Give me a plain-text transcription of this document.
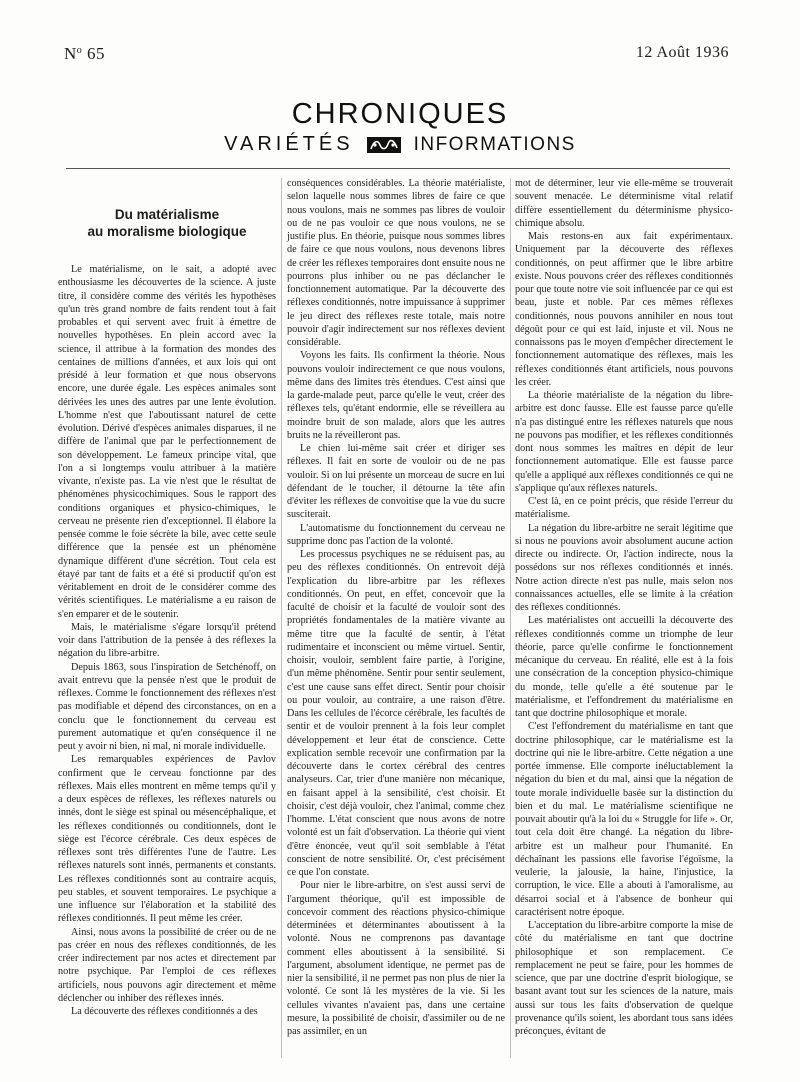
$N^o$ 65	12 Août 1936
CHRONIQUES
VARIÉTÉS	INFORMATIONS
Du matérialisme
au moralisme biologique

Le matérialisme, on le sait, a adopté avec enthousiasme les découvertes de la science. A juste titre, il considère comme des vérités les hypothèses qu'un très grand nombre de faits rendent tout à fait probables et qui servent avec fruit à émettre de nouvelles hypothèses. En plein accord avec la science, il attribue à la formation des mondes des centaines de millions d'années, et aux lois qui ont présidé à leur formation et que nous observons encore, une durée égale. Les espèces animales sont dérivées les unes des autres par une lente évolution. L'homme n'est que l'aboutissant naturel de cette évolution. Dérivé d'espèces animales disparues, il ne diffère de l'animal que par le perfectionnement de son développement. Le fameux principe vital, que l'on a si longtemps voulu attribuer à la matière vivante, n'existe pas. La vie n'est que le résultat de phénomènes physicochimiques. Sous le rapport des conditions organiques et physico-chimiques, le cerveau ne présente rien d'exceptionnel. Il élabore la pensée comme le foie sécrète la bile, avec cette seule différence que la pensée est un phénomène dynamique différent d'une sécrétion. Tout cela est étayé par tant de faits et a été si productif qu'on est véritablement en droit de le considérer comme des vérités scientifiques. Le matérialisme a eu raison de s'en emparer et de le soutenir.

Mais, le matérialisme s'égare lorsqu'il prétend voir dans l'attribution de la pensée à des réflexes la négation du libre-arbitre.

Depuis 1863, sous l'inspiration de Setchénoff, on avait entrevu que la pensée n'est que le produit de réflexes. Comme le fonctionnement des réflexes n'est pas modifiable et dépend des circonstances, on en a conclu que le fonctionnement du cerveau est purement automatique et qu'en conséquence il ne peut y avoir ni bien, ni mal, ni morale individuelle.

Les remarquables expériences de Pavlov confirment que le cerveau fonctionne par des réflexes. Mais elles montrent en même temps qu'il y a deux espèces de réflexes, les réflexes naturels ou innés, dont le siège est spinal ou mésencéphalique, et les réflexes conditionnés ou conditionnels, dont le siège est l'écorce cérébrale. Ces deux espèces de réflexes sont très différentes l'une de l'autre. Les réflexes naturels sont innés, permanents et constants. Les réflexes conditionnés sont au contraire acquis, peu stables, et souvent temporaires. Le psychique a une influence sur l'élaboration et la stabilité des réflexes conditionnés. Il peut même les créer.

Ainsi, nous avons la possibilité de créer ou de ne pas créer en nous des réflexes conditionnés, de les créer indirectement par nos actes et directement par notre psychique. Par l'emploi de ces réflexes artificiels, nous pouvons agir directement et même déclencher ou inhiber des réflexes innés.

La découverte des réflexes conditionnés a des

conséquences considérables. La théorie matérialiste, selon laquelle nous sommes libres de faire ce que nous voulons, mais ne sommes pas libres de vouloir ou de ne pas vouloir ce que nous voulons, ne se justifie plus. En théorie, puisque nous sommes libres de faire ce que nous voulons, nous devenons libres de créer les réflexes temporaires dont ensuite nous ne pourrons plus inhiber ou ne pas déclancher le fonctionnement automatique. Par la découverte des réflexes conditionnés, notre impuissance à supprimer le jeu direct des réflexes reste totale, mais notre pouvoir d'agir indirectement sur nos réflexes devient considérable.

Voyons les faits. Ils confirment la théorie. Nous pouvons vouloir indirectement ce que nous voulons, même dans des limites très étendues. C'est ainsi que la garde-malade peut, parce qu'elle le veut, créer des réflexes tels, qu'étant endormie, elle se réveillera au moindre bruit de son malade, alors que les autres bruits ne la réveilleront pas.

Le chien lui-même sait créer et diriger ses réflexes. Il fait en sorte de vouloir ou de ne pas vouloir. Si on lui présente un morceau de sucre en lui défendant de le toucher, il détourne la tête afin d'éviter les réflexes de convoitise que la vue du sucre susciterait.

L'automatisme du fonctionnement du cerveau ne supprime donc pas l'action de la volonté.

Les processus psychiques ne se réduisent pas, au peu des réflexes conditionnés. On entrevoit déjà l'explication du libre-arbitre par les réflexes conditionnés. On peut, en effet, concevoir que la faculté de choisir et la faculté de vouloir sont des propriétés fondamentales de la matière vivante au même titre que la faculté de sentir, à l'état rudimentaire et inconscient ou même virtuel. Sentir, choisir, vouloir, semblent faire partie, à l'origine, d'un même phénomène. Sentir pour sentir seulement, c'est une cause sans effet direct. Sentir pour choisir ou pour vouloir, au contraire, a une raison d'être. Dans les cellules de l'écorce cérébrale, les facultés de sentir et de vouloir prennent à la fois leur complet développement et leur état de conscience. Cette explication semble recevoir une confirmation par la découverte dans le cortex cérébral des centres analyseurs. Car, trier d'une manière non mécanique, en faisant appel à la sensibilité, c'est choisir. Et choisir, c'est déjà vouloir, chez l'animal, comme chez l'homme. L'état conscient que nous avons de notre volonté est un fait d'observation. La théorie qui vient d'être énoncée, veut qu'il soit semblable à l'état conscient de notre sensibilité. Or, c'est précisément ce que l'on constate.

Pour nier le libre-arbitre, on s'est aussi servi de l'argument théorique, qu'il est impossible de concevoir comment des réactions physico-chimique déterminées et déterminantes aboutissent à la volonté. Nous ne comprenons pas davantage comment elles aboutissent à la sensibilité. Si l'argument, absolument identique, ne permet pas de nier la sensibilité, il ne permet pas non plus de nier la volonté. Ce sont là les mystères de la vie. Si les cellules vivantes n'avaient pas, dans une certaine mesure, la possibilité de choisir, d'assimiler ou de ne pas assimiler, en un

mot de déterminer, leur vie elle-même se trouverait souvent menacée. Le déterminisme vital relatif diffère essentiellement du déterminisme physico-chimique absolu.

Mais restons-en aux fait expérimentaux. Uniquement par la découverte des réflexes conditionnés, on peut affirmer que le libre arbitre existe. Nous pouvons créer des réflexes conditionnés pour que toute notre vie soit influencée par ce qui est beau, juste et noble. Par ces mêmes réflexes conditionnés, nous pouvons annihiler en nous tout dégoût pour ce qui est laid, injuste et vil. Nous ne connaissons pas le moyen d'empêcher directement le fonctionnement automatique des réflexes, mais les réflexes conditionnés étant artificiels, nous pouvons les créer.

La théorie matérialiste de la négation du libre-arbitre est donc fausse. Elle est fausse parce qu'elle n'a pas distingué entre les réflexes naturels que nous ne pouvons pas modifier, et les réflexes conditionnés dont nous sommes les maîtres en dépit de leur fonctionnement automatique. Elle est fausse parce qu'elle a appliqué aux réflexes conditionnés ce qui ne s'applique qu'aux réflexes naturels.

C'est là, en ce point précis, que réside l'erreur du matérialisme.

La négation du libre-arbitre ne serait légitime que si nous ne pouvions avoir absolument aucune action directe ou indirecte. Or, l'action indirecte, nous la possédons sur nos réflexes conditionnés et innés. Notre action directe n'est pas nulle, mais selon nos connaissances actuelles, elle se limite à la création des réflexes conditionnés.

Les matérialistes ont accueilli la découverte des réflexes conditionnés comme un triomphe de leur théorie, parce qu'elle confirme le fonctionnement mécanique du cerveau. En réalité, elle est à la fois une consécration de la conception physico-chimique du monde, telle qu'elle a été soutenue par le matérialisme, et l'effondrement du matérialisme en tant que doctrine philosophique et morale.

C'est l'effondrement du matérialisme en tant que doctrine philosophique, car le matérialisme est la doctrine qui nie le libre-arbitre. Cette négation a une portée immense. Elle comporte inéluctablement la négation du bien et du mal, ainsi que la négation de toute morale individuelle basée sur la distinction du bien et du mal. Le matérialisme scientifique ne pouvait aboutir qu'à la loi du « Struggle for life ». Or, tout cela doit être changé. La négation du libre-arbitre est un malheur pour l'humanité. En déchaînant les passions elle favorise l'égoïsme, la veulerie, la jalousie, la haine, l'injustice, la corruption, le vice. Elle a abouti à l'amoralisme, au désarroi social et à l'absence de bonheur qui caractérisent notre époque.

L'acceptation du libre-arbitre comporte la mise de côté du matérialisme en tant que doctrine philosophique et son remplacement. Ce remplacement ne peut se faire, pour les hommes de science, que par une doctrine d'esprit biologique, se basant avant tout sur les sciences de la nature, mais aussi sur tous les faits d'observation de quelque provenance qu'ils soient, les abordant tous sans idées préconçues, évitant de
